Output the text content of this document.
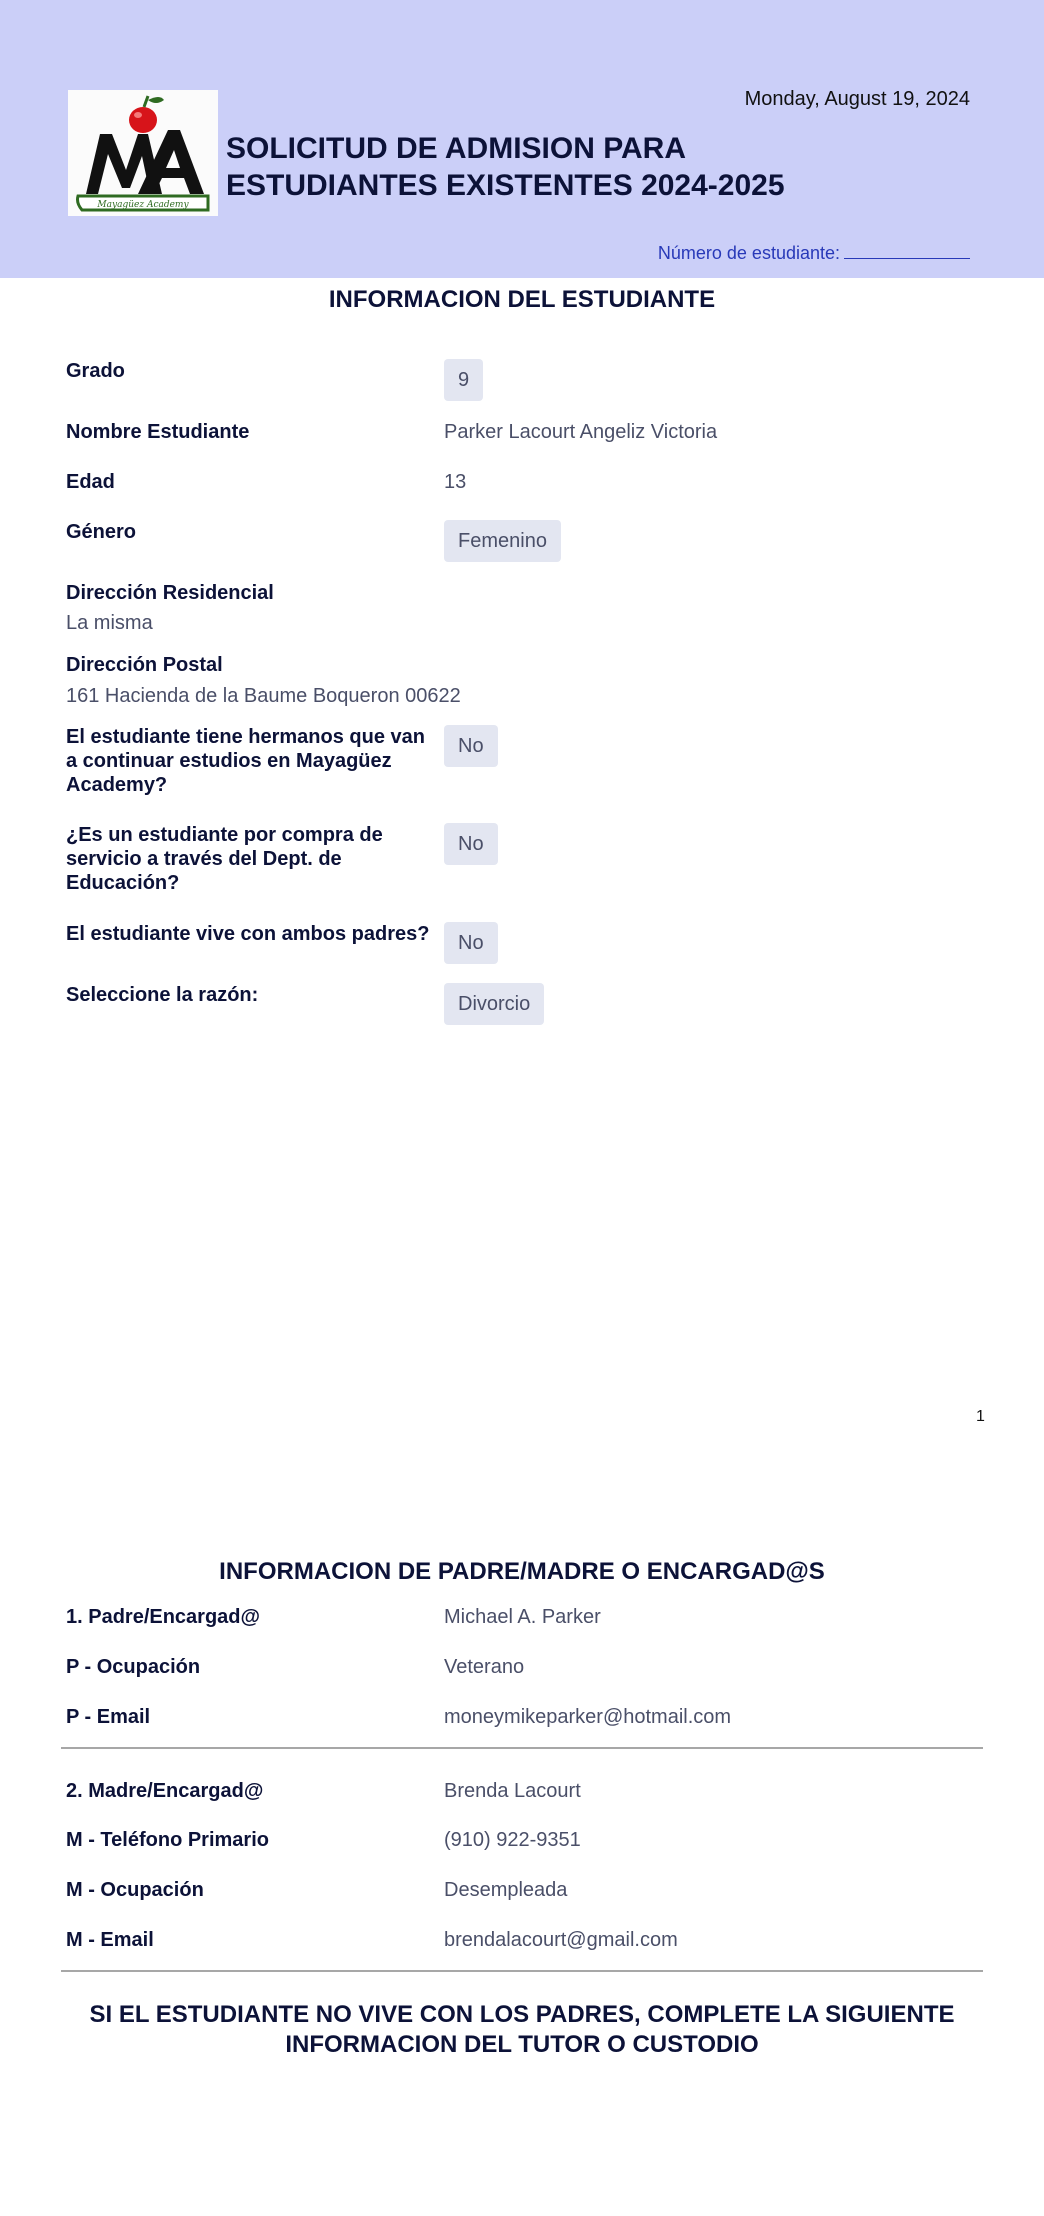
Mayagüez Academy
Monday, August 19, 2024
SOLICITUD DE ADMISION PARA
ESTUDIANTES EXISTENTES 2024-2025
Número de estudiante:
INFORMACION DEL ESTUDIANTE
Grado	9
Nombre Estudiante	Parker Lacourt Angeliz Victoria
Edad	13
Género	Femenino
Dirección Residencial
La misma
Dirección Postal
161 Hacienda de la Baume Boqueron 00622
El estudiante tiene hermanos que van
a continuar estudios en Mayagüez
Academy?
No
¿Es un estudiante por compra de
servicio a través del Dept. de
Educación?
No
El estudiante vive con ambos padres?	No
Seleccione la razón:	Divorcio
1
INFORMACION DE PADRE/MADRE O ENCARGAD@S
1. Padre/Encargad@	Michael A. Parker
P - Ocupación	Veterano
P - Email	moneymikeparker@hotmail.com
2. Madre/Encargad@	Brenda Lacourt
M - Teléfono Primario	(910) 922-9351
M - Ocupación	Desempleada
M - Email	brendalacourt@gmail.com
SI EL ESTUDIANTE NO VIVE CON LOS PADRES, COMPLETE LA SIGUIENTE
INFORMACION DEL TUTOR O CUSTODIO
